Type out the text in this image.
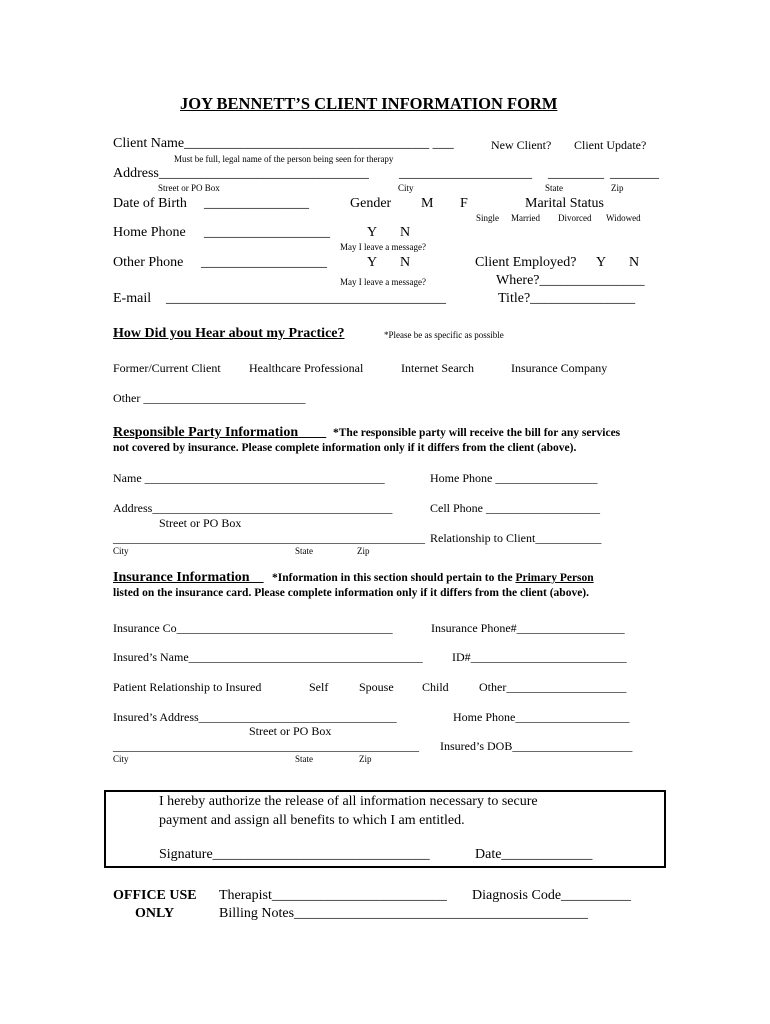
JOY BENNETT’S CLIENT INFORMATION FORM
Client Name___________________________________ ___	New Client? Client Update?
Must be full, legal name of the person being seen for therapy
Address______________________________ ___________________ ________ _______
Street or PO Box	City	State	Zip
Date of Birth _______________	Gender M F	Marital Status
Single Married Divorced Widowed
Home Phone __________________	Y N
May I leave a message?
Other Phone __________________	Y N
May I leave a message?
Client Employed? Y N
Where?_______________
Title?_______________
E-mail ________________________________________
How Did you Hear about my Practice?	*Please be as specific as possible
Former/Current Client Healthcare Professional	Internet Search	Insurance Company
Other ___________________________
Responsible Party Information____ *The responsible party will receive the bill for any services
not covered by insurance. Please complete information only if it differs from the client (above).
Name ________________________________________	Home Phone _________________
Address________________________________________	Cell Phone ___________________
Street or PO Box
____________________________________________________ Relationship to Client___________
City	State	Zip
Insurance Information__ *Information in this section should pertain to the Primary Person
listed on the insurance card. Please complete information only if it differs from the client (above).
Insurance Co____________________________________	Insurance Phone#__________________
Insured’s Name_______________________________________ ID#__________________________
Patient Relationship to Insured	Self	Spouse Child	Other____________________
Insured’s Address_________________________________	Home Phone___________________
Street or PO Box
___________________________________________________ Insured’s DOB____________________
City	State	Zip
I hereby authorize the release of all information necessary to secure
payment and assign all benefits to which I am entitled.
Signature_______________________________	Date_____________
OFFICE USE
ONLY
Therapist_________________________ Diagnosis Code__________
Billing Notes__________________________________________
